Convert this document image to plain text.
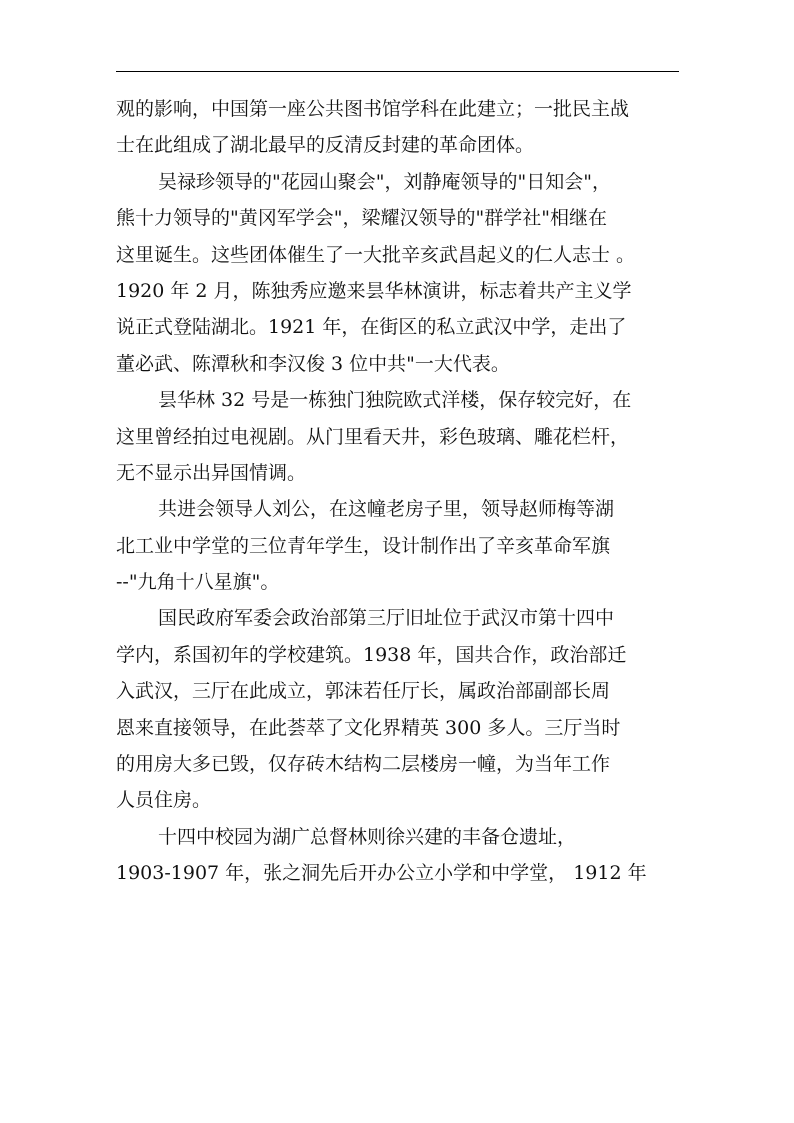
观的影响，中国第一座公共图书馆学科在此建立；一批民主战
士在此组成了湖北最早的反清反封建的革命团体。
吴禄珍领导的"花园山聚会"，刘静庵领导的"日知会"，
熊十力领导的"黄冈军学会"，梁耀汉领导的"群学社"相继在
这里诞生。这些团体催生了一大批辛亥武昌起义的仁人志士 。
1920 年 2 月，陈独秀应邀来昙华林演讲，标志着共产主义学
说正式登陆湖北。1921 年，在街区的私立武汉中学，走出了
董必武、陈潭秋和李汉俊 3 位中共"一大代表。
昙华林 32 号是一栋独门独院欧式洋楼，保存较完好，在
这里曾经拍过电视剧。从门里看天井，彩色玻璃、雕花栏杆，
无不显示出异国情调。
共进会领导人刘公，在这幢老房子里，领导赵师梅等湖
北工业中学堂的三位青年学生，设计制作出了辛亥革命军旗
--"九角十八星旗"。
国民政府军委会政治部第三厅旧址位于武汉市第十四中
学内，系国初年的学校建筑。1938 年，国共合作，政治部迁
入武汉，三厅在此成立，郭沫若任厅长，属政治部副部长周
恩来直接领导，在此荟萃了文化界精英 300 多人。三厅当时
的用房大多已毁，仅存砖木结构二层楼房一幢，为当年工作
人员住房。
十四中校园为湖广总督林则徐兴建的丰备仓遗址，
1903-1907 年，张之洞先后开办公立小学和中学堂， 1912 年
